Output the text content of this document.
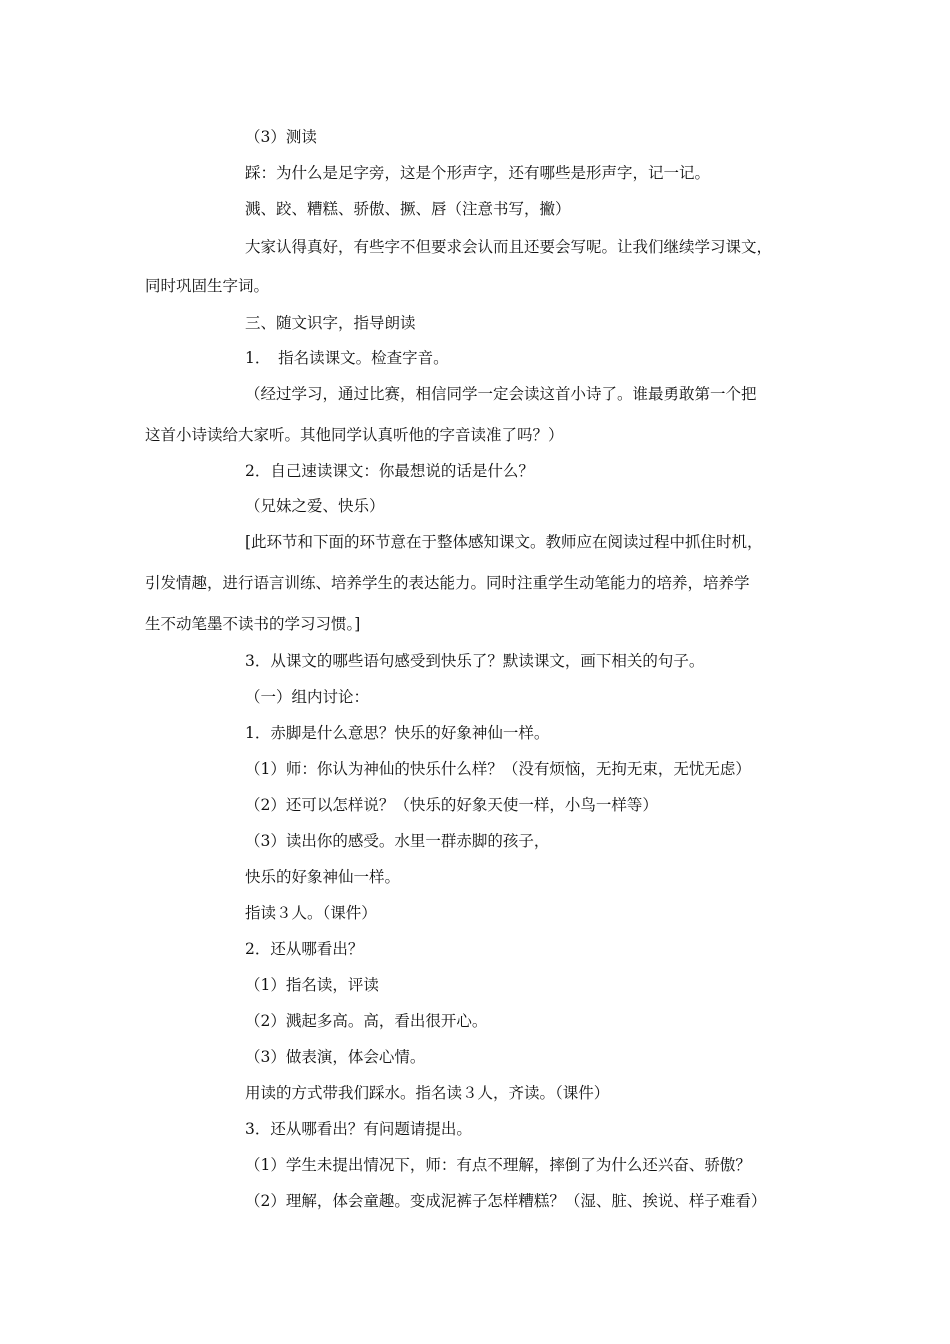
（3）测读
踩：为什么是足字旁，这是个形声字，还有哪些是形声字，记一记。
溅、跤、糟糕、骄傲、撅、唇（注意书写，撇）
大家认得真好，有些字不但要求会认而且还要会写呢。让我们继续学习课文，
同时巩固生字词。
三、随文识字，指导朗读
1．　指名读课文。检查字音。
（经过学习，通过比赛，相信同学一定会读这首小诗了。谁最勇敢第一个把
这首小诗读给大家听。其他同学认真听他的字音读准了吗？）
2．自己速读课文：你最想说的话是什么？
（兄妹之爱、快乐）
[此环节和下面的环节意在于整体感知课文。教师应在阅读过程中抓住时机，
引发情趣，进行语言训练、培养学生的表达能力。同时注重学生动笔能力的培养，培养学
生不动笔墨不读书的学习习惯。]
3．从课文的哪些语句感受到快乐了？默读课文，画下相关的句子。
（一）组内讨论：
1．赤脚是什么意思？快乐的好象神仙一样。
（1）师：你认为神仙的快乐什么样？（没有烦恼，无拘无束，无忧无虑）
（2）还可以怎样说？（快乐的好象天使一样，小鸟一样等）
（3）读出你的感受。水里一群赤脚的孩子，
快乐的好象神仙一样。
指读３人。（课件）
2．还从哪看出？
（1）指名读，评读
（2）溅起多高。高，看出很开心。
（3）做表演，体会心情。
用读的方式带我们踩水。指名读３人，齐读。（课件）
3．还从哪看出？有问题请提出。
（1）学生未提出情况下，师：有点不理解，摔倒了为什么还兴奋、骄傲？
（2）理解，体会童趣。变成泥裤子怎样糟糕？（湿、脏、挨说、样子难看）
